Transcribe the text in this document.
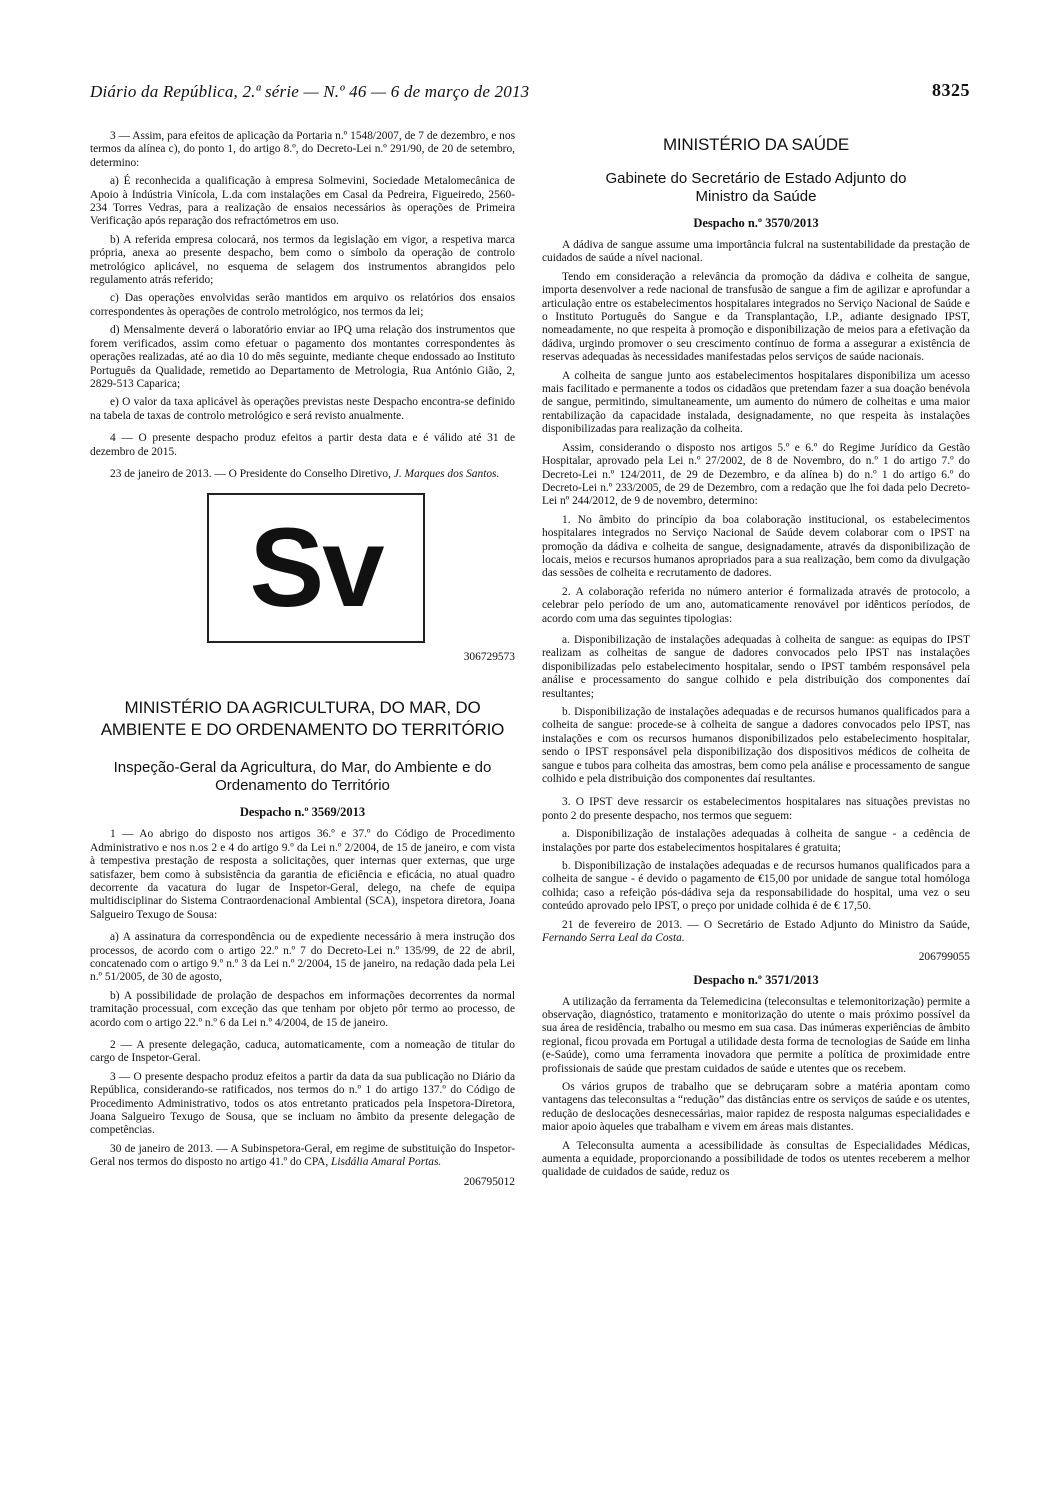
Diário da República, 2.ª série — N.º 46 — 6 de março de 2013	8325

3 — Assim, para efeitos de aplicação da Portaria n.º 1548/2007, de 7 de dezembro, e nos termos da alínea c), do ponto 1, do artigo 8.º, do Decreto-Lei n.º 291/90, de 20 de setembro, determino:

a) É reconhecida a qualificação à empresa Solmevini, Sociedade Metalomecânica de Apoio à Indústria Vinícola, L.da com instalações em Casal da Pedreira, Figueiredo, 2560-234 Torres Vedras, para a realização de ensaios necessários às operações de Primeira Verificação após reparação dos refractómetros em uso.

b) A referida empresa colocará, nos termos da legislação em vigor, a respetiva marca própria, anexa ao presente despacho, bem como o símbolo da operação de controlo metrológico aplicável, no esquema de selagem dos instrumentos abrangidos pelo regulamento atrás referido;

c) Das operações envolvidas serão mantidos em arquivo os relatórios dos ensaios correspondentes às operações de controlo metrológico, nos termos da lei;

d) Mensalmente deverá o laboratório enviar ao IPQ uma relação dos instrumentos que forem verificados, assim como efetuar o pagamento dos montantes correspondentes às operações realizadas, até ao dia 10 do mês seguinte, mediante cheque endossado ao Instituto Português da Qualidade, remetido ao Departamento de Metrologia, Rua António Gião, 2, 2829-513 Caparica;

e) O valor da taxa aplicável às operações previstas neste Despacho encontra-se definido na tabela de taxas de controlo metrológico e será revisto anualmente.

4 — O presente despacho produz efeitos a partir desta data e é válido até 31 de dezembro de 2015.

23 de janeiro de 2013. — O Presidente do Conselho Diretivo, J. Marques dos Santos.

Sv
306729573
MINISTÉRIO DA AGRICULTURA, DO MAR, DO AMBIENTE E DO ORDENAMENTO DO TERRITÓRIO
Inspeção-Geral da Agricultura, do Mar, do Ambiente e do Ordenamento do Território
Despacho n.º 3569/2013

1 — Ao abrigo do disposto nos artigos 36.º e 37.º do Código de Procedimento Administrativo e nos n.os 2 e 4 do artigo 9.º da Lei n.º 2/2004, de 15 de janeiro, e com vista à tempestiva prestação de resposta a solicitações, quer internas quer externas, que urge satisfazer, bem como à subsistência da garantia de eficiência e eficácia, no atual quadro decorrente da vacatura do lugar de Inspetor-Geral, delego, na chefe de equipa multidisciplinar do Sistema Contraordenacional Ambiental (SCA), inspetora diretora, Joana Salgueiro Texugo de Sousa:

a) A assinatura da correspondência ou de expediente necessário à mera instrução dos processos, de acordo com o artigo 22.º n.º 7 do Decreto-Lei n.º 135/99, de 22 de abril, concatenado com o artigo 9.º n.º 3 da Lei n.º 2/2004, 15 de janeiro, na redação dada pela Lei n.º 51/2005, de 30 de agosto,

b) A possibilidade de prolação de despachos em informações decorrentes da normal tramitação processual, com exceção das que tenham por objeto pôr termo ao processo, de acordo com o artigo 22.º n.º 6 da Lei n.º 4/2004, de 15 de janeiro.

2 — A presente delegação, caduca, automaticamente, com a nomeação de titular do cargo de Inspetor-Geral.

3 — O presente despacho produz efeitos a partir da data da sua publicação no Diário da República, considerando-se ratificados, nos termos do n.º 1 do artigo 137.º do Código de Procedimento Administrativo, todos os atos entretanto praticados pela Inspetora-Diretora, Joana Salgueiro Texugo de Sousa, que se incluam no âmbito da presente delegação de competências.

30 de janeiro de 2013. — A Subinspetora-Geral, em regime de substituição do Inspetor-Geral nos termos do disposto no artigo 41.º do CPA, Lisdália Amaral Portas.

206795012
MINISTÉRIO DA SAÚDE
Gabinete do Secretário de Estado Adjunto do Ministro da Saúde
Despacho n.º 3570/2013

A dádiva de sangue assume uma importância fulcral na sustentabilidade da prestação de cuidados de saúde a nível nacional.

Tendo em consideração a relevância da promoção da dádiva e colheita de sangue, importa desenvolver a rede nacional de transfusão de sangue a fim de agilizar e aprofundar a articulação entre os estabelecimentos hospitalares integrados no Serviço Nacional de Saúde e o Instituto Português do Sangue e da Transplantação, I.P., adiante designado IPST, nomeadamente, no que respeita à promoção e disponibilização de meios para a efetivação da dádiva, urgindo promover o seu crescimento contínuo de forma a assegurar a existência de reservas adequadas às necessidades manifestadas pelos serviços de saúde nacionais.

A colheita de sangue junto aos estabelecimentos hospitalares disponibiliza um acesso mais facilitado e permanente a todos os cidadãos que pretendam fazer a sua doação benévola de sangue, permitindo, simultaneamente, um aumento do número de colheitas e uma maior rentabilização da capacidade instalada, designadamente, no que respeita às instalações disponibilizadas para realização da colheita.

Assim, considerando o disposto nos artigos 5.º e 6.º do Regime Jurídico da Gestão Hospitalar, aprovado pela Lei n.º 27/2002, de 8 de Novembro, do n.º 1 do artigo 7.º do Decreto-Lei n.º 124/2011, de 29 de Dezembro, e da alínea b) do n.º 1 do artigo 6.º do Decreto-Lei n.º 233/2005, de 29 de Dezembro, com a redação que lhe foi dada pelo Decreto-Lei nº 244/2012, de 9 de novembro, determino:

1. No âmbito do princípio da boa colaboração institucional, os estabelecimentos hospitalares integrados no Serviço Nacional de Saúde devem colaborar com o IPST na promoção da dádiva e colheita de sangue, designadamente, através da disponibilização de locais, meios e recursos humanos apropriados para a sua realização, bem como da divulgação das sessões de colheita e recrutamento de dadores.

2. A colaboração referida no número anterior é formalizada através de protocolo, a celebrar pelo período de um ano, automaticamente renovável por idênticos períodos, de acordo com uma das seguintes tipologias:

a. Disponibilização de instalações adequadas à colheita de sangue: as equipas do IPST realizam as colheitas de sangue de dadores convocados pelo IPST nas instalações disponibilizadas pelo estabelecimento hospitalar, sendo o IPST também responsável pela análise e processamento do sangue colhido e pela distribuição dos componentes daí resultantes;

b. Disponibilização de instalações adequadas e de recursos humanos qualificados para a colheita de sangue: procede-se à colheita de sangue a dadores convocados pelo IPST, nas instalações e com os recursos humanos disponibilizados pelo estabelecimento hospitalar, sendo o IPST responsável pela disponibilização dos dispositivos médicos de colheita de sangue e tubos para colheita das amostras, bem como pela análise e processamento de sangue colhido e pela distribuição dos componentes daí resultantes.

3. O IPST deve ressarcir os estabelecimentos hospitalares nas situações previstas no ponto 2 do presente despacho, nos termos que seguem:

a. Disponibilização de instalações adequadas à colheita de sangue - a cedência de instalações por parte dos estabelecimentos hospitalares é gratuita;

b. Disponibilização de instalações adequadas e de recursos humanos qualificados para a colheita de sangue - é devido o pagamento de €15,00 por unidade de sangue total homóloga colhida; caso a refeição pós-dádiva seja da responsabilidade do hospital, uma vez o seu conteúdo aprovado pelo IPST, o preço por unidade colhida é de € 17,50.

21 de fevereiro de 2013. — O Secretário de Estado Adjunto do Ministro da Saúde, Fernando Serra Leal da Costa.

206799055
Despacho n.º 3571/2013

A utilização da ferramenta da Telemedicina (teleconsultas e telemonitorização) permite a observação, diagnóstico, tratamento e monitorização do utente o mais próximo possível da sua área de residência, trabalho ou mesmo em sua casa. Das inúmeras experiências de âmbito regional, ficou provada em Portugal a utilidade desta forma de tecnologias de Saúde em linha (e-Saúde), como uma ferramenta inovadora que permite a política de proximidade entre profissionais de saúde que prestam cuidados de saúde e utentes que os recebem.

Os vários grupos de trabalho que se debruçaram sobre a matéria apontam como vantagens das teleconsultas a “redução” das distâncias entre os serviços de saúde e os utentes, redução de deslocações desnecessárias, maior rapidez de resposta nalgumas especialidades e maior apoio àqueles que trabalham e vivem em áreas mais distantes.

A Teleconsulta aumenta a acessibilidade às consultas de Especialidades Médicas, aumenta a equidade, proporcionando a possibilidade de todos os utentes receberem a melhor qualidade de cuidados de saúde, reduz os
